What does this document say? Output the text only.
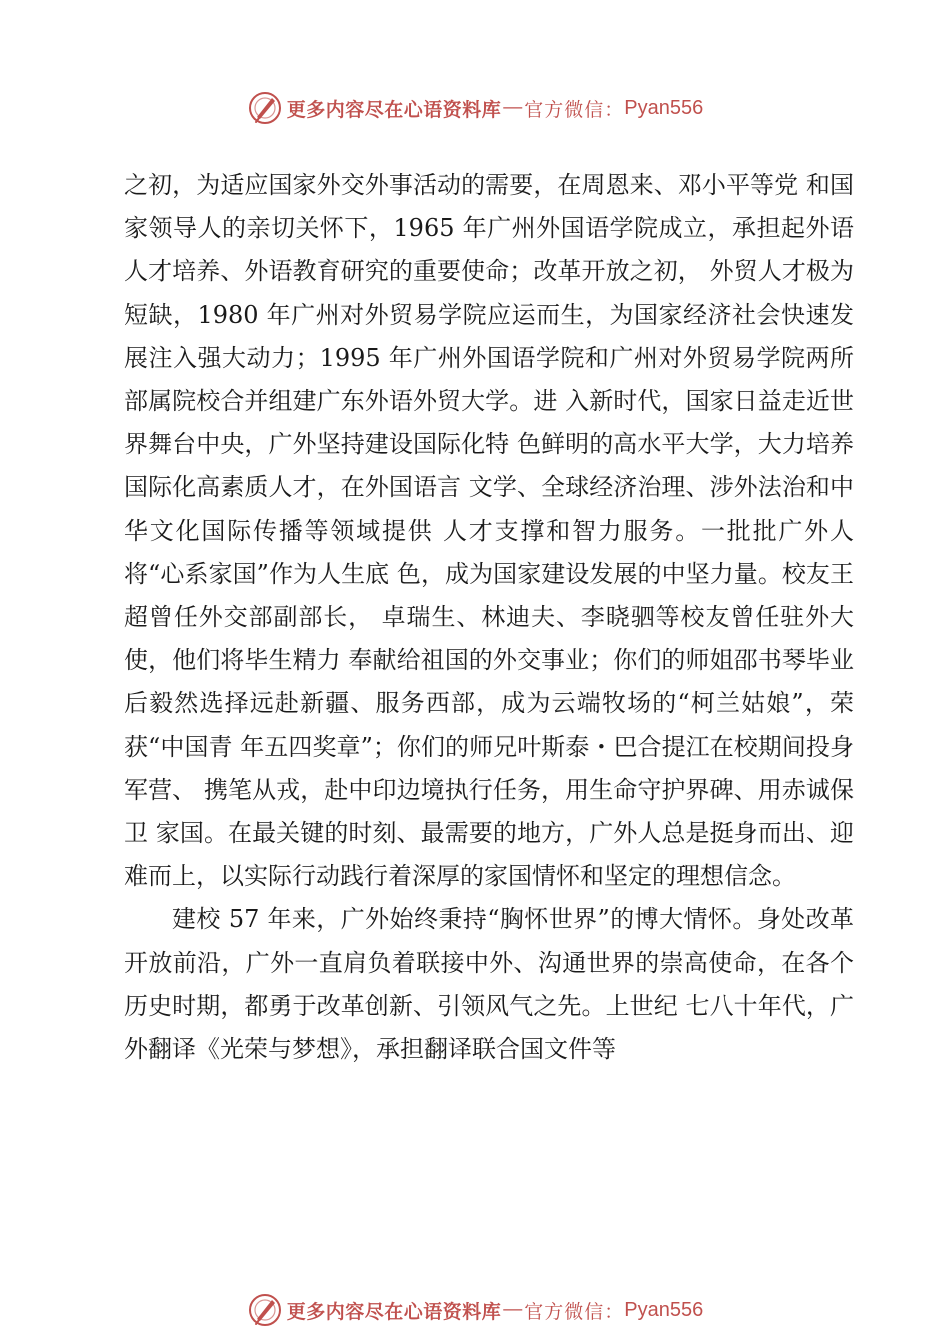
更多内容尽在心语资料库 — 官方微信： Pyan556

之初，为适应国家外交外事活动的需要，在周恩来、邓小平等党 和国家领导人的亲切关怀下，1965 年广州外国语学院成立，承担起外语人才培养、外语教育研究的重要使命；改革开放之初， 外贸人才极为短缺，1980 年广州对外贸易学院应运而生，为国家经济社会快速发展注入强大动力；1995 年广州外国语学院和广州对外贸易学院两所部属院校合并组建广东外语外贸大学。进 入新时代，国家日益走近世界舞台中央，广外坚持建设国际化特 色鲜明的高水平大学，大力培养国际化高素质人才，在外国语言 文学、全球经济治理、涉外法治和中华文化国际传播等领域提供 人才支撑和智力服务。一批批广外人将“心系家国”作为人生底 色，成为国家建设发展的中坚力量。校友王超曾任外交部副部长， 卓瑞生、林迪夫、李晓驷等校友曾任驻外大使，他们将毕生精力 奉献给祖国的外交事业；你们的师姐邵书琴毕业后毅然选择远赴新疆、服务西部，成为云端牧场的“柯兰姑娘”，荣获“中国青 年五四奖章”；你们的师兄叶斯泰・巴合提江在校期间投身军营、 携笔从戎，赴中印边境执行任务，用生命守护界碑、用赤诚保卫 家国。在最关键的时刻、最需要的地方，广外人总是挺身而出、迎难而上，以实际行动践行着深厚的家国情怀和坚定的理想信念。

建校 57 年来，广外始终秉持“胸怀世界”的博大情怀。身处改革开放前沿，广外一直肩负着联接中外、沟通世界的崇高使命，在各个历史时期，都勇于改革创新、引领风气之先。上世纪 七八十年代，广外翻译《光荣与梦想》，承担翻译联合国文件等

更多内容尽在心语资料库 — 官方微信： Pyan556
